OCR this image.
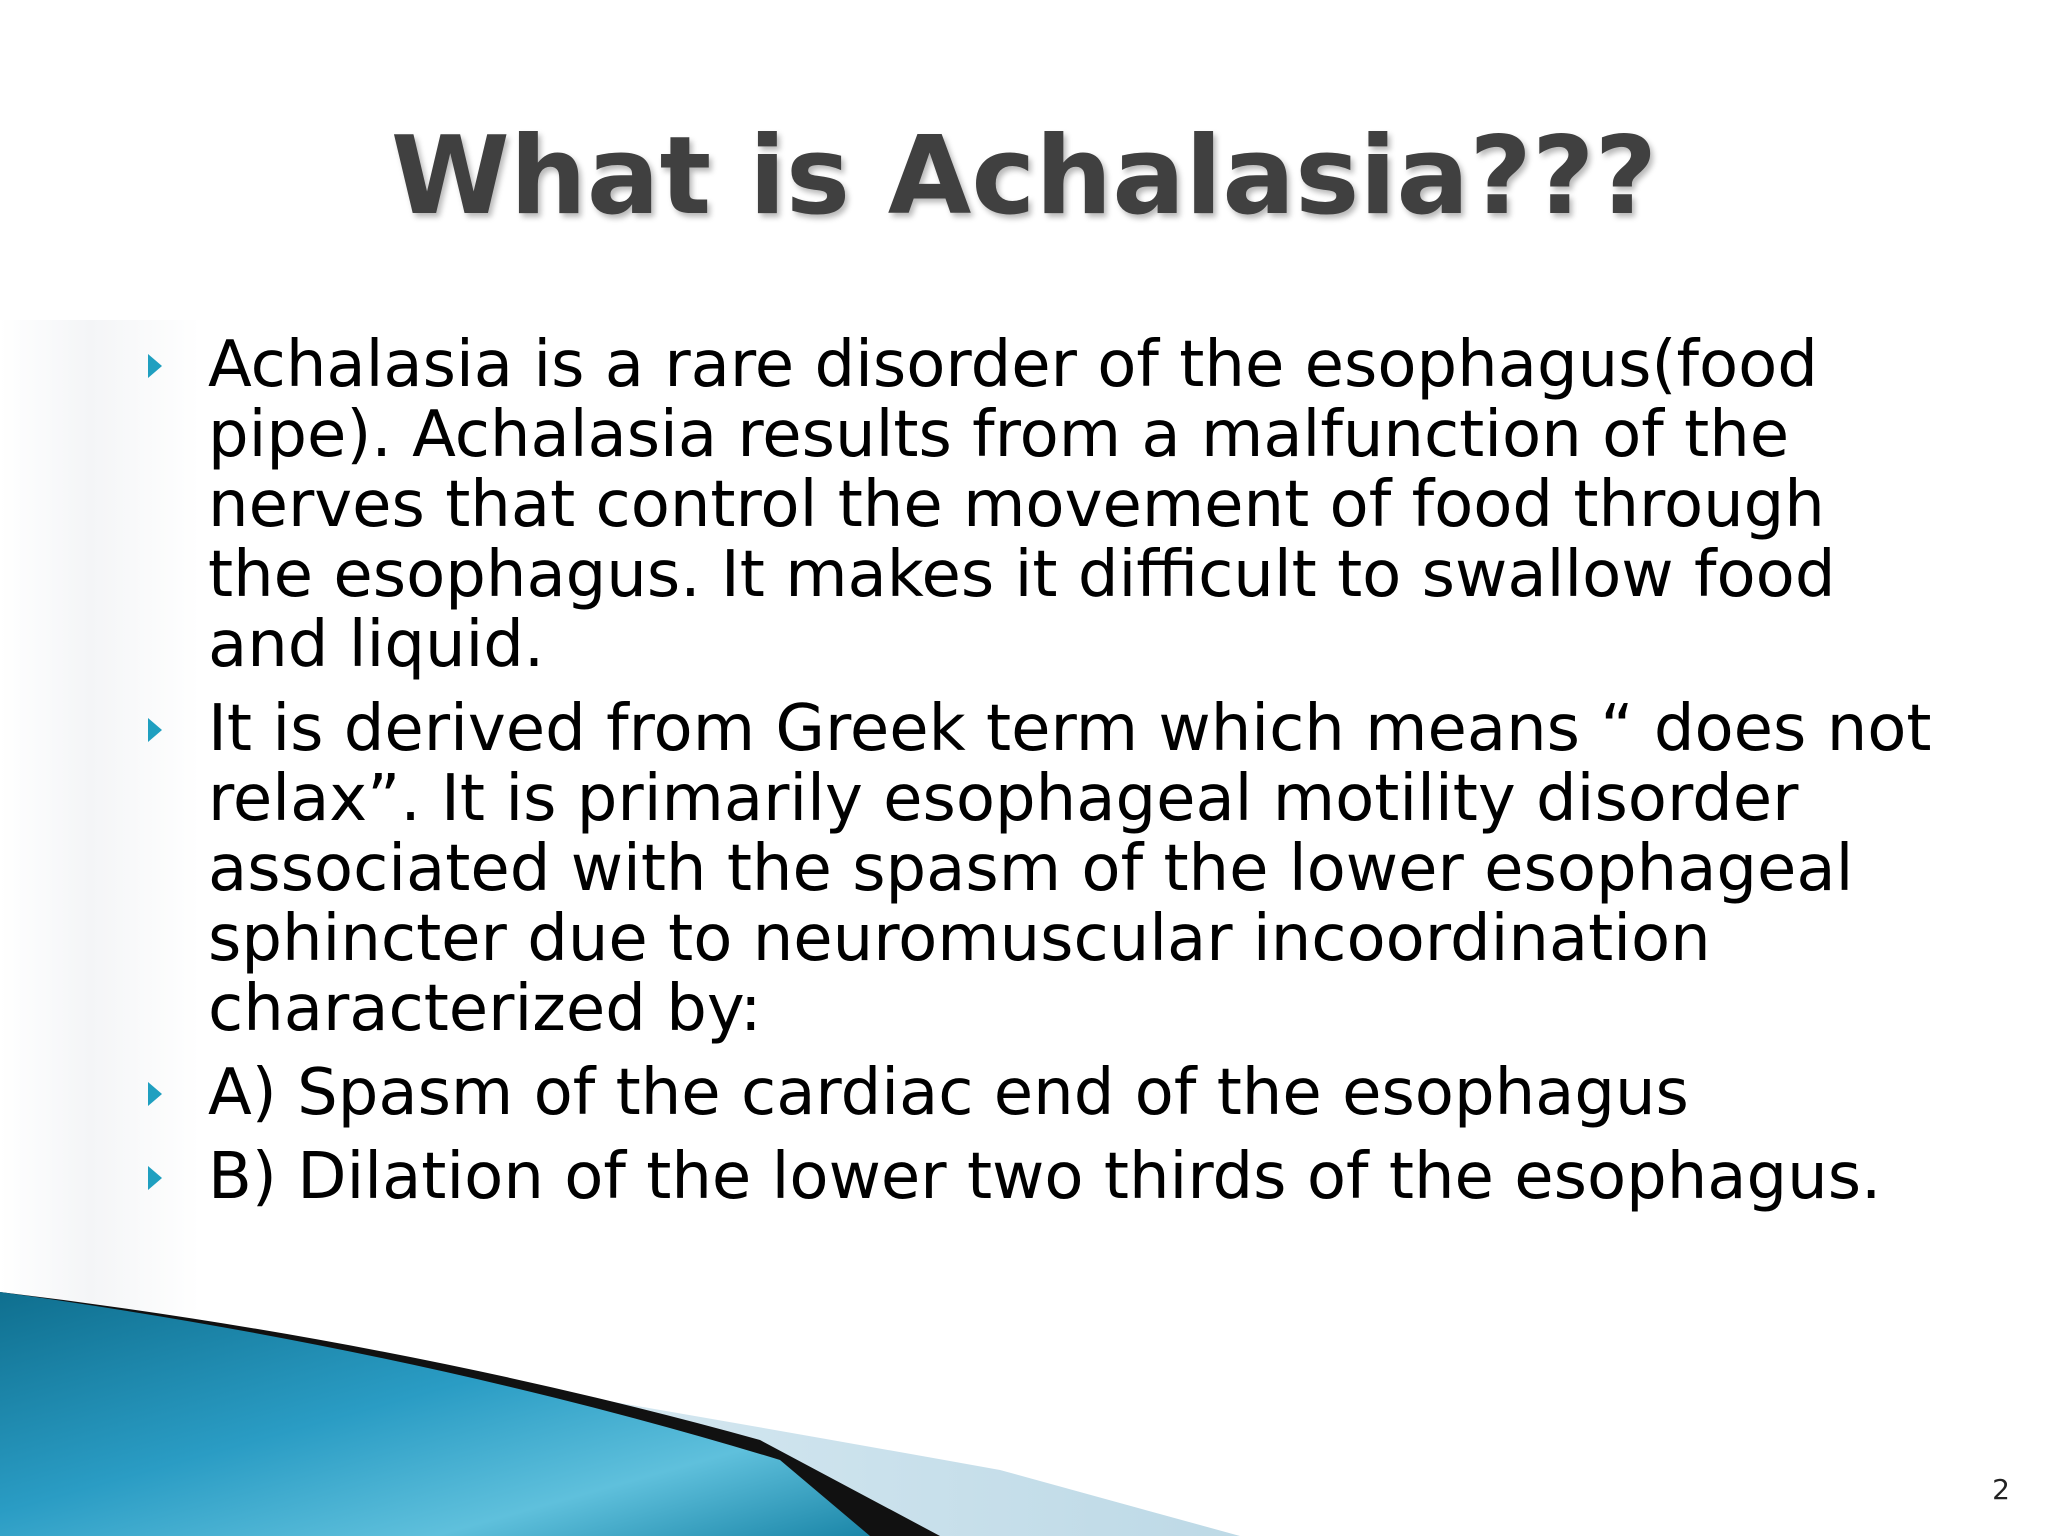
What is Achalasia???
Achalasia is a rare disorder of the esophagus(food pipe). Achalasia results from a malfunction of the nerves that control the movement of food through the esophagus. It makes it difficult to swallow food and liquid.
It is derived from Greek term which means “ does not relax”. It is primarily esophageal motility disorder associated with the spasm of the lower esophageal sphincter due to neuromuscular incoordination characterized by:
A) Spasm of the cardiac end of the esophagus
B) Dilation of the lower two thirds of the esophagus.
2
